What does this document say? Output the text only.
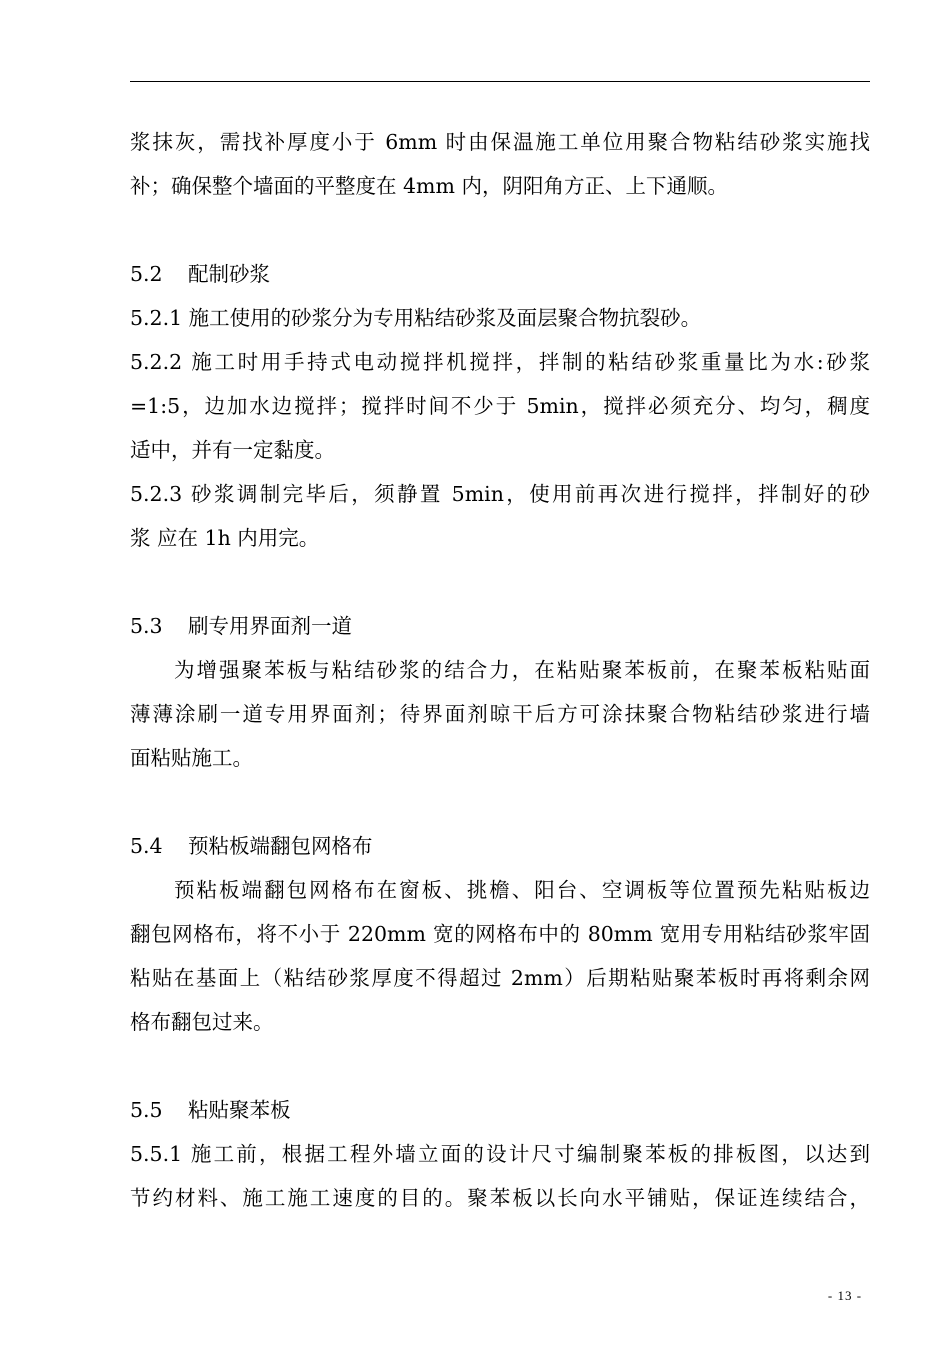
浆抹灰，需找补厚度小于 6mm 时由保温施工单位用聚合物粘结砂浆实施找
补；确保整个墙面的平整度在 4mm 内，阴阳角方正、上下通顺。
5.2 配制砂浆
5.2.1 施工使用的砂浆分为专用粘结砂浆及面层聚合物抗裂砂。
5.2.2 施工时用手持式电动搅拌机搅拌，拌制的粘结砂浆重量比为水:砂浆
=1:5，边加水边搅拌；搅拌时间不少于 5min，搅拌必须充分、均匀，稠度
适中，并有一定黏度。
5.2.3 砂浆调制完毕后，须静置 5min，使用前再次进行搅拌，拌制好的砂
浆 应在 1h 内用完。
5.3 刷专用界面剂一道
为增强聚苯板与粘结砂浆的结合力，在粘贴聚苯板前，在聚苯板粘贴面
薄薄涂刷一道专用界面剂；待界面剂晾干后方可涂抹聚合物粘结砂浆进行墙
面粘贴施工。
5.4 预粘板端翻包网格布
预粘板端翻包网格布在窗板、挑檐、阳台、空调板等位置预先粘贴板边
翻包网格布，将不小于 220mm 宽的网格布中的 80mm 宽用专用粘结砂浆牢固
粘贴在基面上（粘结砂浆厚度不得超过 2mm）后期粘贴聚苯板时再将剩余网
格布翻包过来。
5.5 粘贴聚苯板
5.5.1 施工前，根据工程外墙立面的设计尺寸编制聚苯板的排板图，以达到
节约材料、施工施工速度的目的。聚苯板以长向水平铺贴，保证连续结合，
- 13 -
